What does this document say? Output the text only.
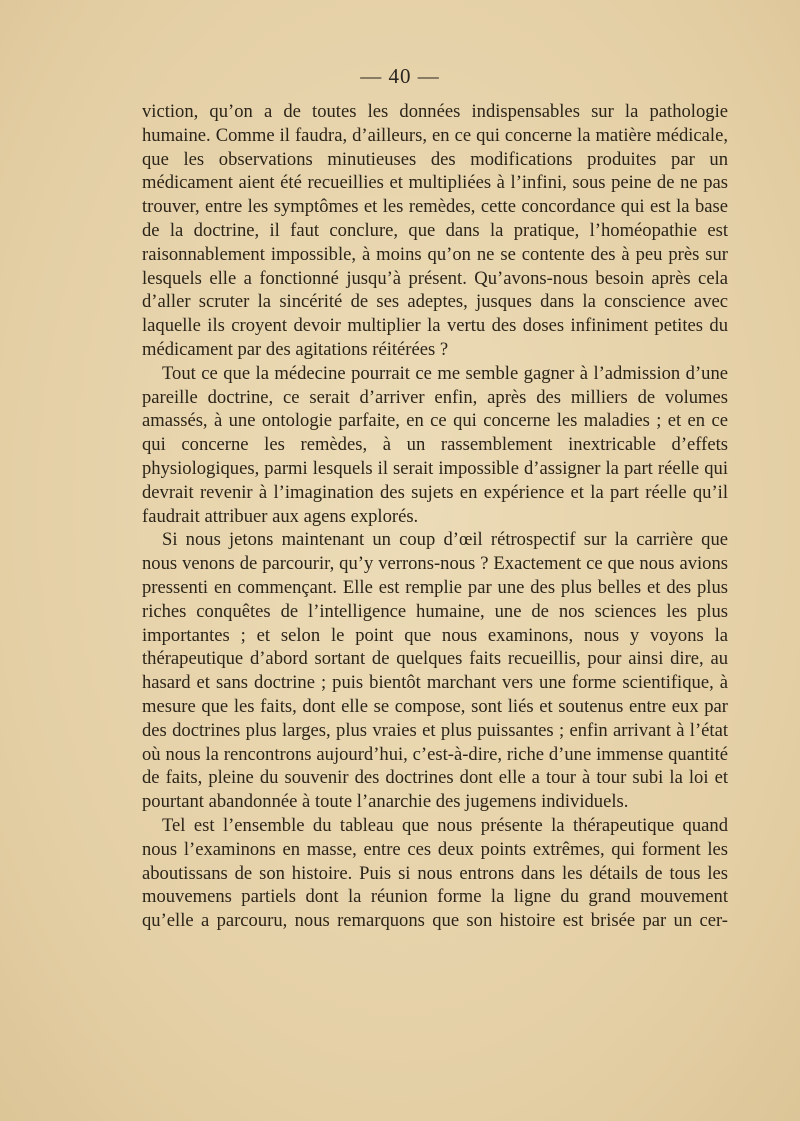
— 40 —

viction, qu’on a de toutes les données indispensables sur la pathologie humaine. Comme il faudra, d’ailleurs, en ce qui concerne la matière médicale, que les observations minutieuses des modifications produites par un médicament aient été recueillies et multipliées à l’infini, sous peine de ne pas trouver, entre les symptômes et les remèdes, cette concordance qui est la base de la doctrine, il faut conclure, que dans la pratique, l’homéopathie est raisonnablement impossible, à moins qu’on ne se contente des à peu près sur lesquels elle a fonctionné jusqu’à présent. Qu’avons-nous besoin après cela d’aller scruter la sincérité de ses adeptes, jusques dans la conscience avec laquelle ils croyent devoir multiplier la vertu des doses infiniment petites du médicament par des agitations réitérées ?

Tout ce que la médecine pourrait ce me semble gagner à l’admission d’une pareille doctrine, ce serait d’arriver enfin, après des milliers de volumes amassés, à une ontologie parfaite, en ce qui concerne les maladies ; et en ce qui concerne les remèdes, à un rassemblement inextricable d’effets physiologiques, parmi lesquels il serait impossible d’assigner la part réelle qui devrait revenir à l’imagination des sujets en expérience et la part réelle qu’il faudrait attribuer aux agens explorés.

Si nous jetons maintenant un coup d’œil rétrospectif sur la carrière que nous venons de parcourir, qu’y verrons-nous ? Exactement ce que nous avions pressenti en commençant. Elle est remplie par une des plus belles et des plus riches conquêtes de l’intelligence humaine, une de nos sciences les plus importantes ; et selon le point que nous examinons, nous y voyons la thérapeutique d’abord sortant de quelques faits recueillis, pour ainsi dire, au hasard et sans doctrine ; puis bientôt marchant vers une forme scientifique, à mesure que les faits, dont elle se compose, sont liés et soutenus entre eux par des doctrines plus larges, plus vraies et plus puissantes ; enfin arrivant à l’état où nous la rencontrons aujourd’hui, c’est-à-dire, riche d’une immense quantité de faits, pleine du souvenir des doctrines dont elle a tour à tour subi la loi et pourtant abandonnée à toute l’anarchie des jugemens individuels.

Tel est l’ensemble du tableau que nous présente la thérapeutique quand nous l’examinons en masse, entre ces deux points extrêmes, qui forment les aboutissans de son histoire. Puis si nous entrons dans les détails de tous les mouvemens partiels dont la réunion forme la ligne du grand mouvement qu’elle a parcouru, nous remarquons que son histoire est brisée par un cer-
